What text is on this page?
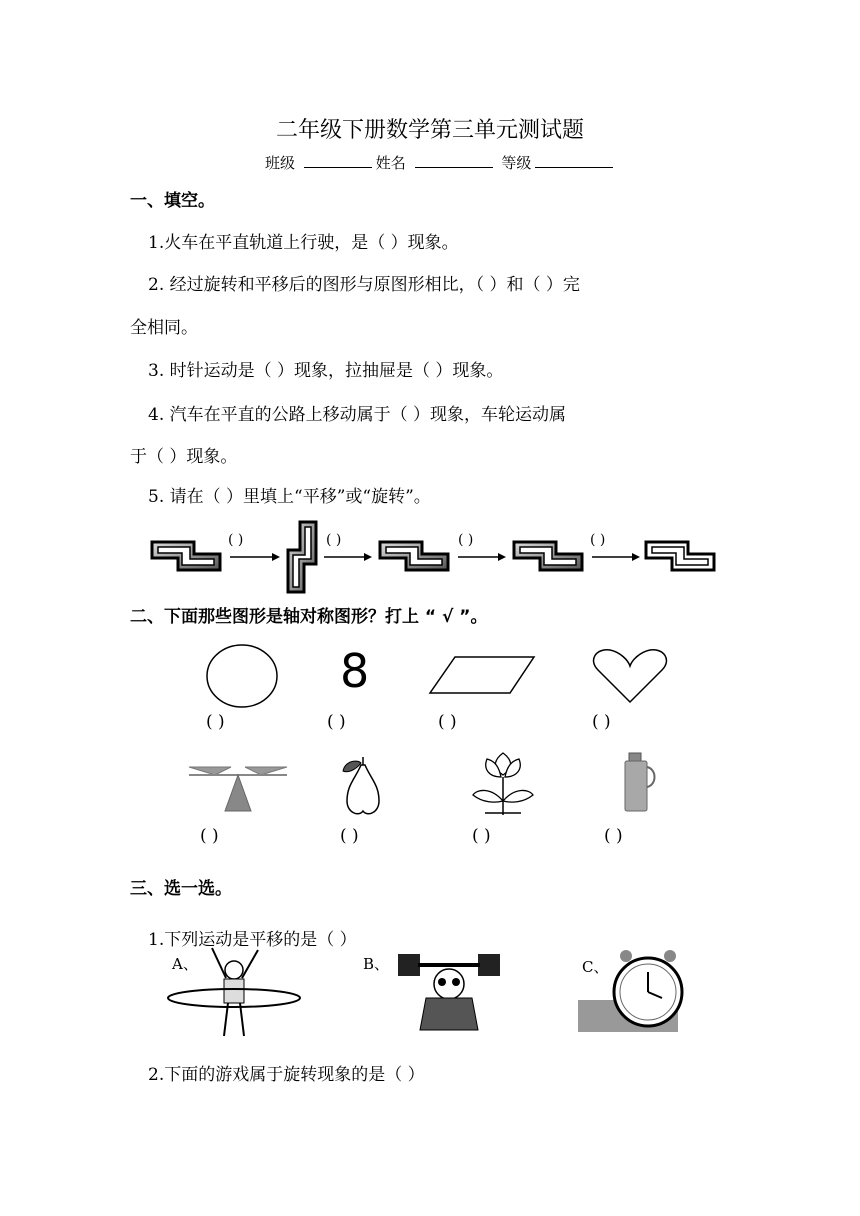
二年级下册数学第三单元测试题
班级	姓名	等级
一、填空。
1.火车在平直轨道上行驶，是（ ）现象。
2. 经过旋转和平移后的图形与原图形相比，（ ）和（ ）完
全相同。
3. 时针运动是（ ）现象，拉抽屉是（ ）现象。
4. 汽车在平直的公路上移动属于（ ）现象，车轮运动属
于（ ）现象。
5. 请在（ ）里填上“平移”或“旋转”。
( )	( )	( )	( )
二、下面那些图形是轴对称图形？打上 “ √ ”。
8
( )	( )	( )	( )
( )	( )	( )	( )
三、选一选。
1.下列运动是平移的是（ ）
A、	B、	C、
2.下面的游戏属于旋转现象的是（ ）
